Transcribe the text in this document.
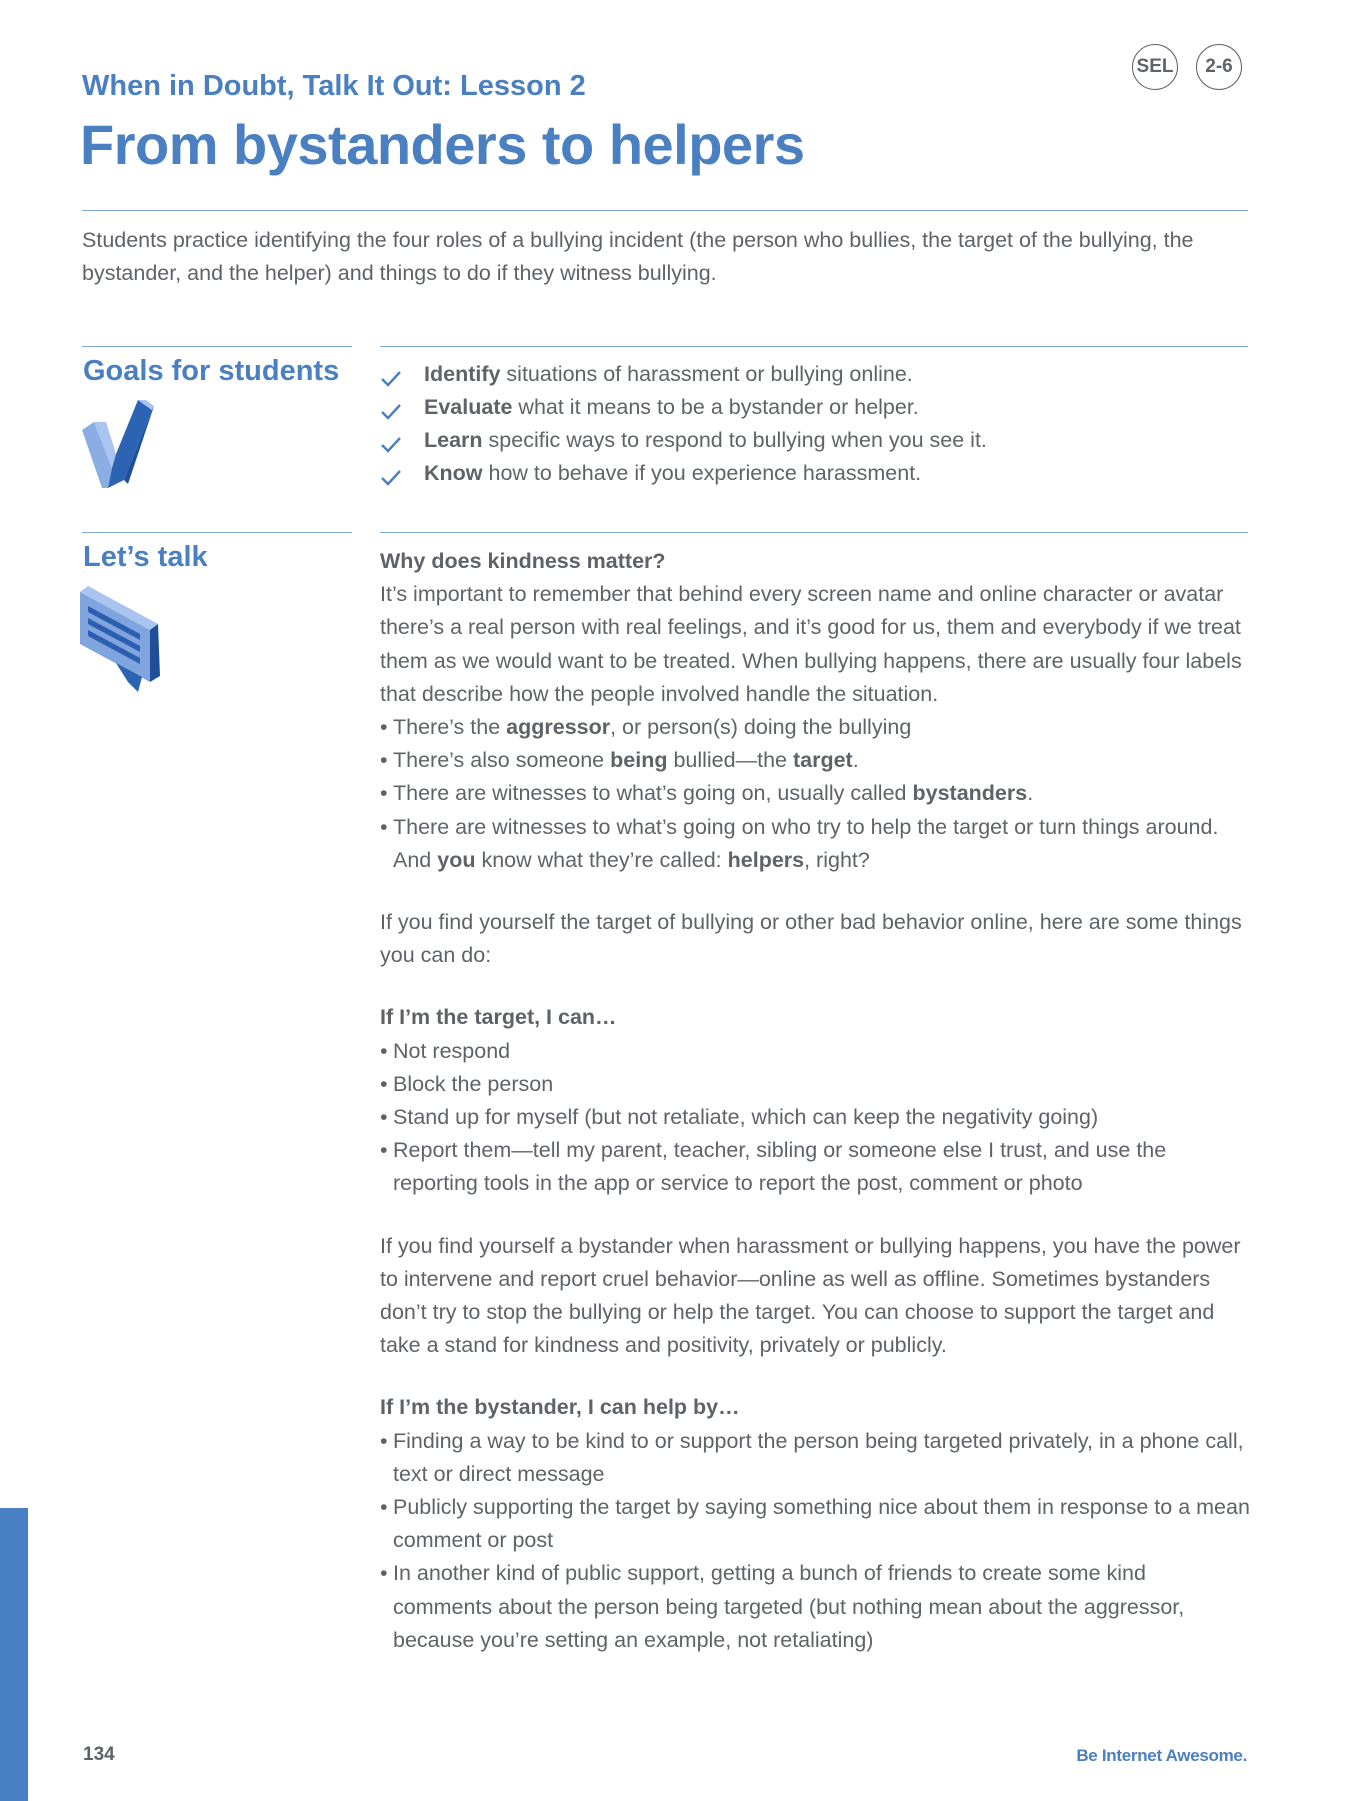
When in Doubt, Talk It Out: Lesson 2
From bystanders to helpers
SEL	2-6
Students practice identifying the four roles of a bullying incident (the person who bullies, the target of the bullying, the bystander, and the helper) and things to do if they witness bullying.
Goals for students	Identify situations of harassment or bullying online.
Evaluate what it means to be a bystander or helper.
Learn specific ways to respond to bullying when you see it.
Know how to behave if you experience harassment.
Let’s talk	Why does kindness matter?

It’s important to remember that behind every screen name and online character or avatar there’s a real person with real feelings, and it’s good for us, them and everybody if we treat them as we would want to be treated. When bullying happens, there are usually four labels that describe how the people involved handle the situation.

• There’s the aggressor, or person(s) doing the bullying
• There’s also someone being bullied—the target.
• There are witnesses to what’s going on, usually called bystanders.
• There are witnesses to what’s going on who try to help the target or turn things around. And you know what they’re called: helpers, right?

If you find yourself the target of bullying or other bad behavior online, here are some things you can do:

If I’m the target, I can…

• Not respond
• Block the person
• Stand up for myself (but not retaliate, which can keep the negativity going)
• Report them—tell my parent, teacher, sibling or someone else I trust, and use the reporting tools in the app or service to report the post, comment or photo

If you find yourself a bystander when harassment or bullying happens, you have the power to intervene and report cruel behavior—online as well as offline. Sometimes bystanders don’t try to stop the bullying or help the target. You can choose to support the target and take a stand for kindness and positivity, privately or publicly.

If I’m the bystander, I can help by…

• Finding a way to be kind to or support the person being targeted privately, in a phone call, text or direct message
• Publicly supporting the target by saying something nice about them in response to a mean comment or post
• In another kind of public support, getting a bunch of friends to create some kind comments about the person being targeted (but nothing mean about the aggressor, because you’re setting an example, not retaliating)
134	Be Internet Awesome.
